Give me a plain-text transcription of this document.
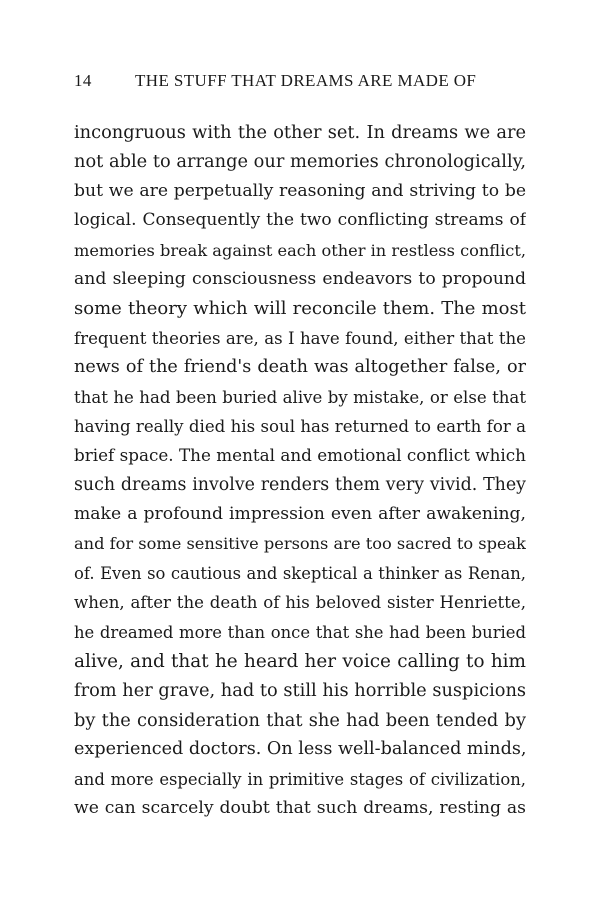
14	THE STUFF THAT DREAMS ARE MADE OF
incongruous with the other set. In dreams we are
not able to arrange our memories chronologically,
but we are perpetually reasoning and striving to be
logical. Consequently the two conflicting streams of
memories break against each other in restless conflict,
and sleeping consciousness endeavors to propound
some theory which will reconcile them. The most
frequent theories are, as I have found, either that the
news of the friend's death was altogether false, or
that he had been buried alive by mistake, or else that
having really died his soul has returned to earth for a
brief space. The mental and emotional conflict which
such dreams involve renders them very vivid. They
make a profound impression even after awakening,
and for some sensitive persons are too sacred to speak
of. Even so cautious and skeptical a thinker as Renan,
when, after the death of his beloved sister Henriette,
he dreamed more than once that she had been buried
alive, and that he heard her voice calling to him
from her grave, had to still his horrible suspicions
by the consideration that she had been tended by
experienced doctors. On less well-balanced minds,
and more especially in primitive stages of civilization,
we can scarcely doubt that such dreams, resting as
